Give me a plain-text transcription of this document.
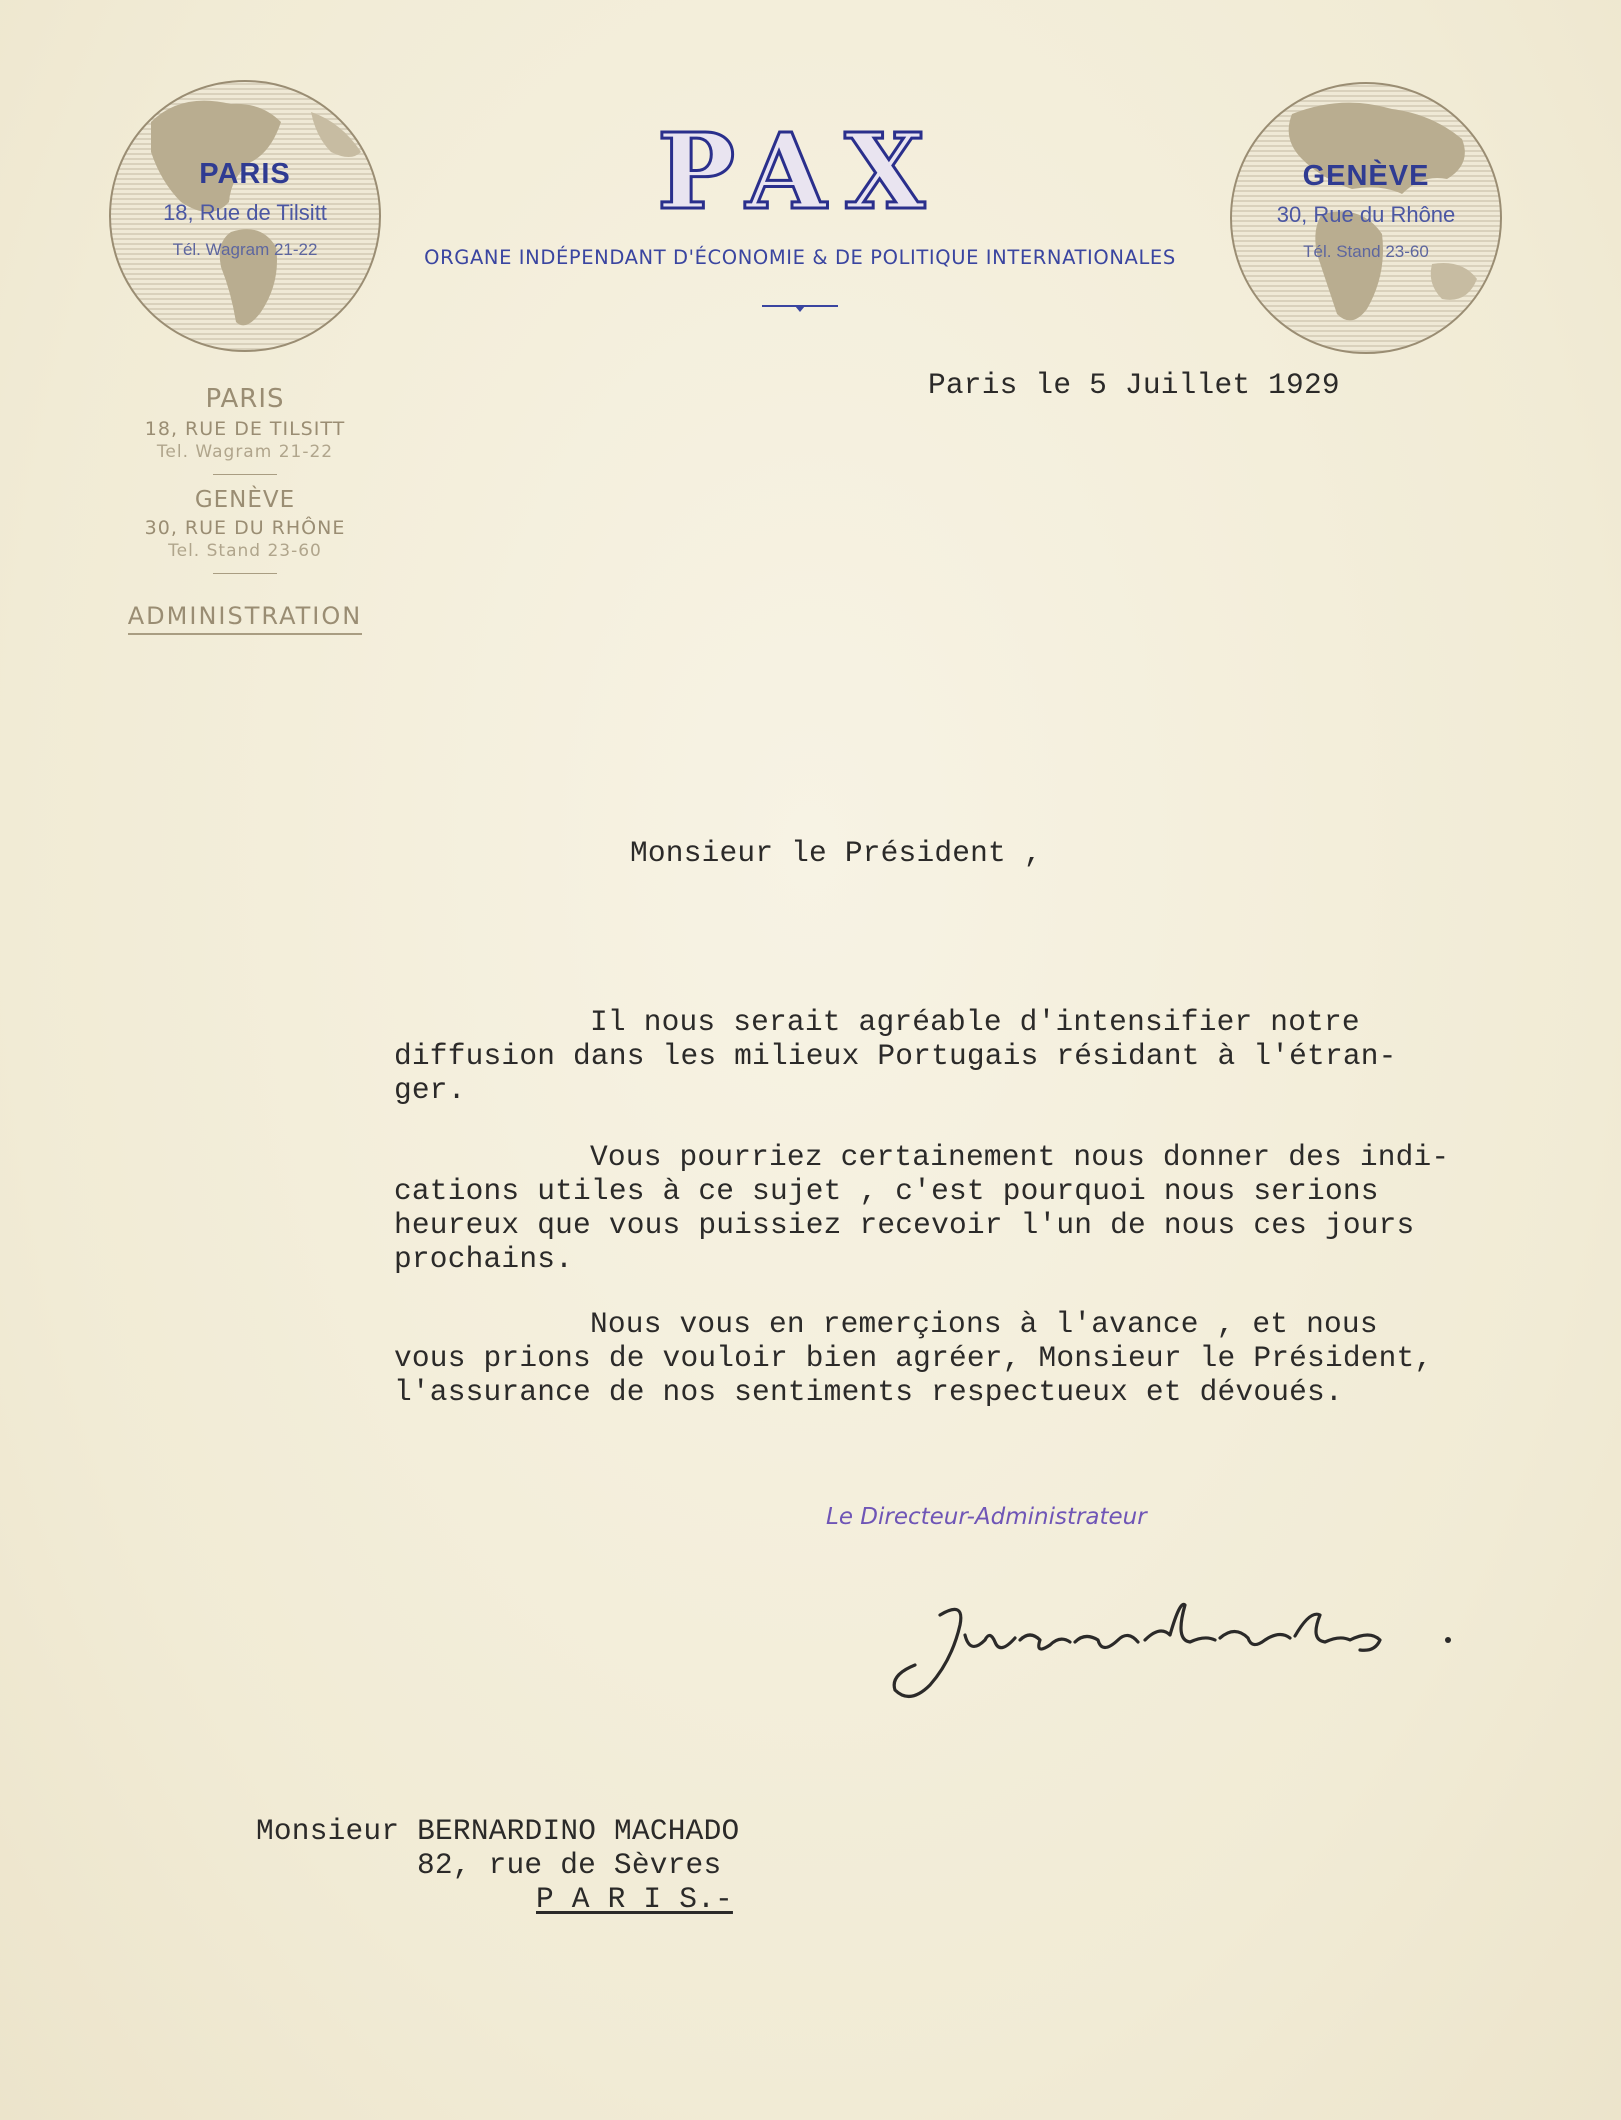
PARIS
18, Rue de Tilsitt
Tél. Wagram 21-22
GENÈVE
30, Rue du Rhône
Tél. Stand 23-60
PAX
ORGANE INDÉPENDANT D'ÉCONOMIE & DE POLITIQUE INTERNATIONALES
Paris le 5 Juillet 1929
PARIS
18, RUE DE TILSITT
Tel. Wagram 21-22
GENÈVE
30, RUE DU RHÔNE
Tel. Stand 23-60
ADMINISTRATION
Monsieur le Président ,
Il nous serait agréable d'intensifier notre
diffusion dans les milieux Portugais résidant à l'étran-
ger.
Vous pourriez certainement nous donner des indi-
cations utiles à ce sujet , c'est pourquoi nous serions
heureux que vous puissiez recevoir l'un de nous ces jours
prochains.
Nous vous en remerçions à l'avance , et nous
vous prions de vouloir bien agréer, Monsieur le Président,
l'assurance de nos sentiments respectueux et dévoués.
Le Directeur-Administrateur
Monsieur BERNARDINO MACHADO
82, rue de Sèvres
P A R I S.-
